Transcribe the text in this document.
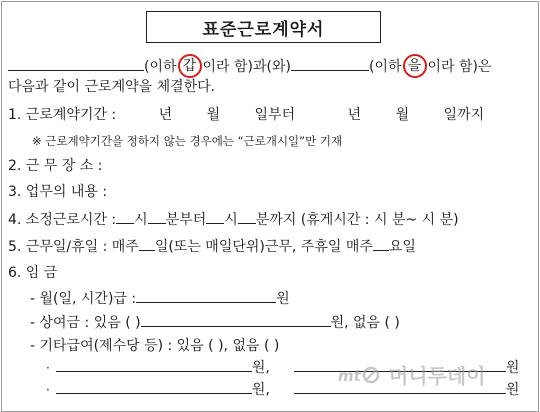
표준근로계약서
(이하갑 이라 함)과(와)	(이하을 이라 함)은
다음과 같이 근로계약을 체결한다.
1. 근로계약기간 :	년 월 일부터	년 월 일까지
※ 근로계약기간을 정하지 않는 경우에는 “근로개시일”만 기재
2. 근 무 장 소 :
3. 업무의 내용 :
4. 소정근로시간 :시 분부터시 분까지 (휴게시간 : 시 분~ 시 분)
5. 근무일/휴일 : 매주일(또는 매일단위)근무, 주휴일 매주요일
6. 임 금
- 월(일, 시간)급 :	원
- 상여금 : 있음 ( )	원, 없음 ( )
- 기타급여(제수당 등) : 있음 ( ), 없음 ( )
·	원,	원
·	원,	원
mt 머니투데이
